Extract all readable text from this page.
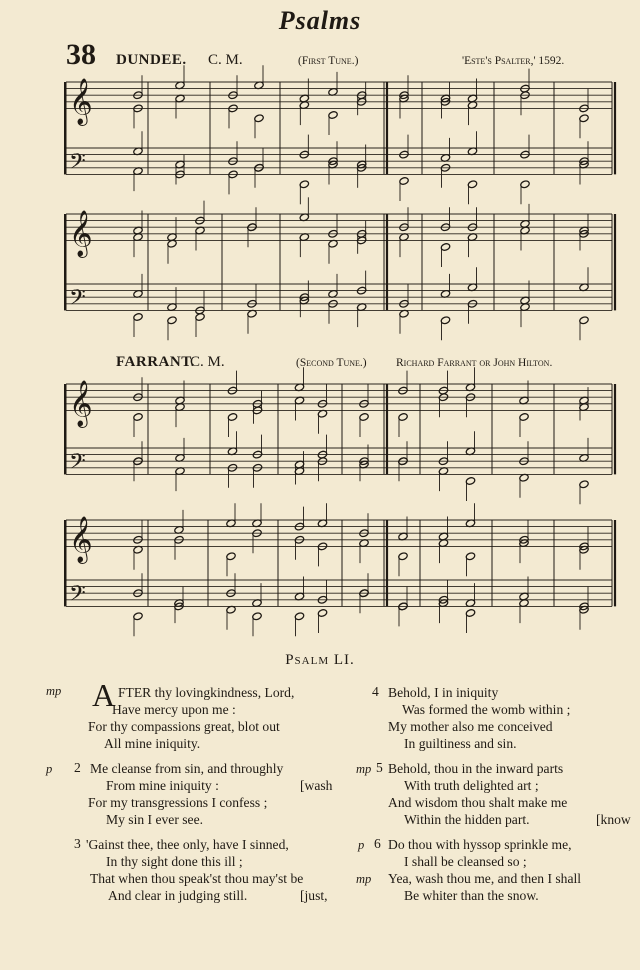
Psalms
38 DUNDEE. C. M.	(First Tune.)	'Este's Psalter,' 1592.
FARRANT.
C. M.	(Second Tune.)	Richard Farrant or John Hilton.
𝄞
𝄢
𝄞
𝄢
𝄞
𝄢
𝄞
𝄢
Psalm LI.
mp A FTER thy lovingkindness, Lord,
Have mercy upon me :
For thy compassions great, blot out
All mine iniquity.
p 2 Me cleanse from sin, and throughly
From mine iniquity :	[wash
For my transgressions I confess ;
My sin I ever see.
3 'Gainst thee, thee only, have I sinned,
In thy sight done this ill ;
That when thou speak'st thou may'st be
And clear in judging still.	[just,
4 Behold, I in iniquity
Was formed the womb within ;
My mother also me conceived
In guiltiness and sin.
mp 5 Behold, thou in the inward parts
With truth delighted art ;
And wisdom thou shalt make me
Within the hidden part.	[know
p 6 Do thou with hyssop sprinkle me,
I shall be cleansed so ;
mp Yea, wash thou me, and then I shall
Be whiter than the snow.
